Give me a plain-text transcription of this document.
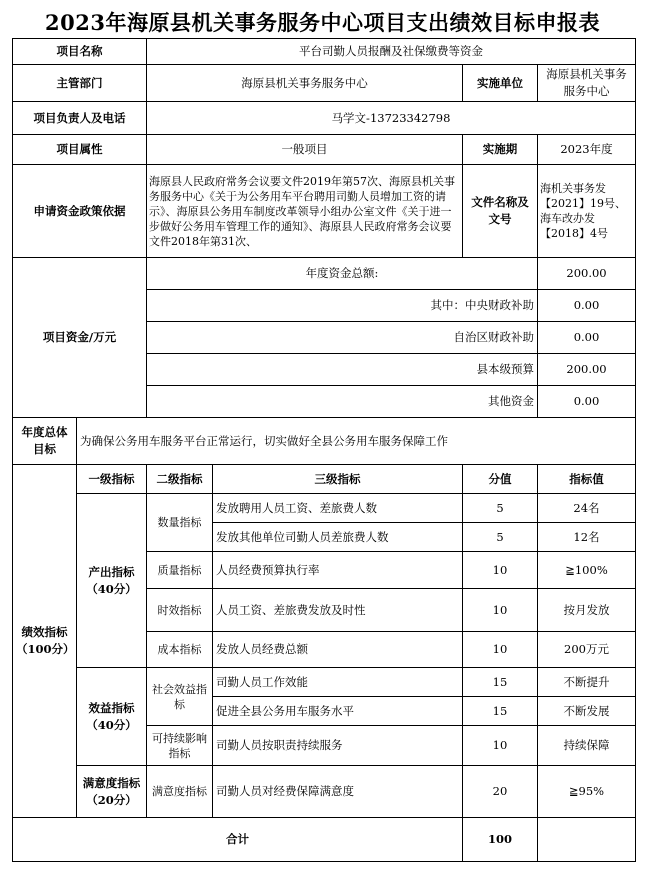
2023年海原县机关事务服务中心项目支出绩效目标申报表
项目名称		平台司勤人员报酬及社保缴费等资金			
主管部门		海原县机关事务服务中心		实施单位	海原县机关事务服务中心
项目负责人及电话		马学文-13723342798			
项目属性		一般项目		实施期	2023年度
申请资金政策依据		海原县人民政府常务会议要文件2019年第57次、海原县机关事务服务中心《关于为公务用车平台聘用司勤人员增加工资的请示》、海原县公务用车制度改革领导小组办公室文件《关于进一步做好公务用车管理工作的通知》、海原县人民政府常务会议要文件2018年第31次、		文件名称及文号	海机关事务发【2021】19号、海车改办发【2018】4号
项目资金/万元		年度资金总额:			200.00
		其中：中央财政补助			0.00
		自治区财政补助			0.00
		县本级预算			200.00
		其他资金			0.00
年度总体目标	为确保公务用车服务平台正常运行，切实做好全县公务用车服务保障工作				
绩效指标（100分）	一级指标	二级指标	三级指标	分值	指标值
	产出指标（40分）	数量指标	发放聘用人员工资、差旅费人数	5	24名
			发放其他单位司勤人员差旅费人数	5	12名
		质量指标	人员经费预算执行率	10	≧100%
		时效指标	人员工资、差旅费发放及时性	10	按月发放
		成本指标	发放人员经费总额	10	200万元
	效益指标（40分）	社会效益指标	司勤人员工作效能	15	不断提升
			促进全县公务用车服务水平	15	不断发展
		可持续影响指标	司勤人员按职责持续服务	10	持续保障
	满意度指标（20分）	满意度指标	司勤人员对经费保障满意度	20	≧95%
合计				100	
